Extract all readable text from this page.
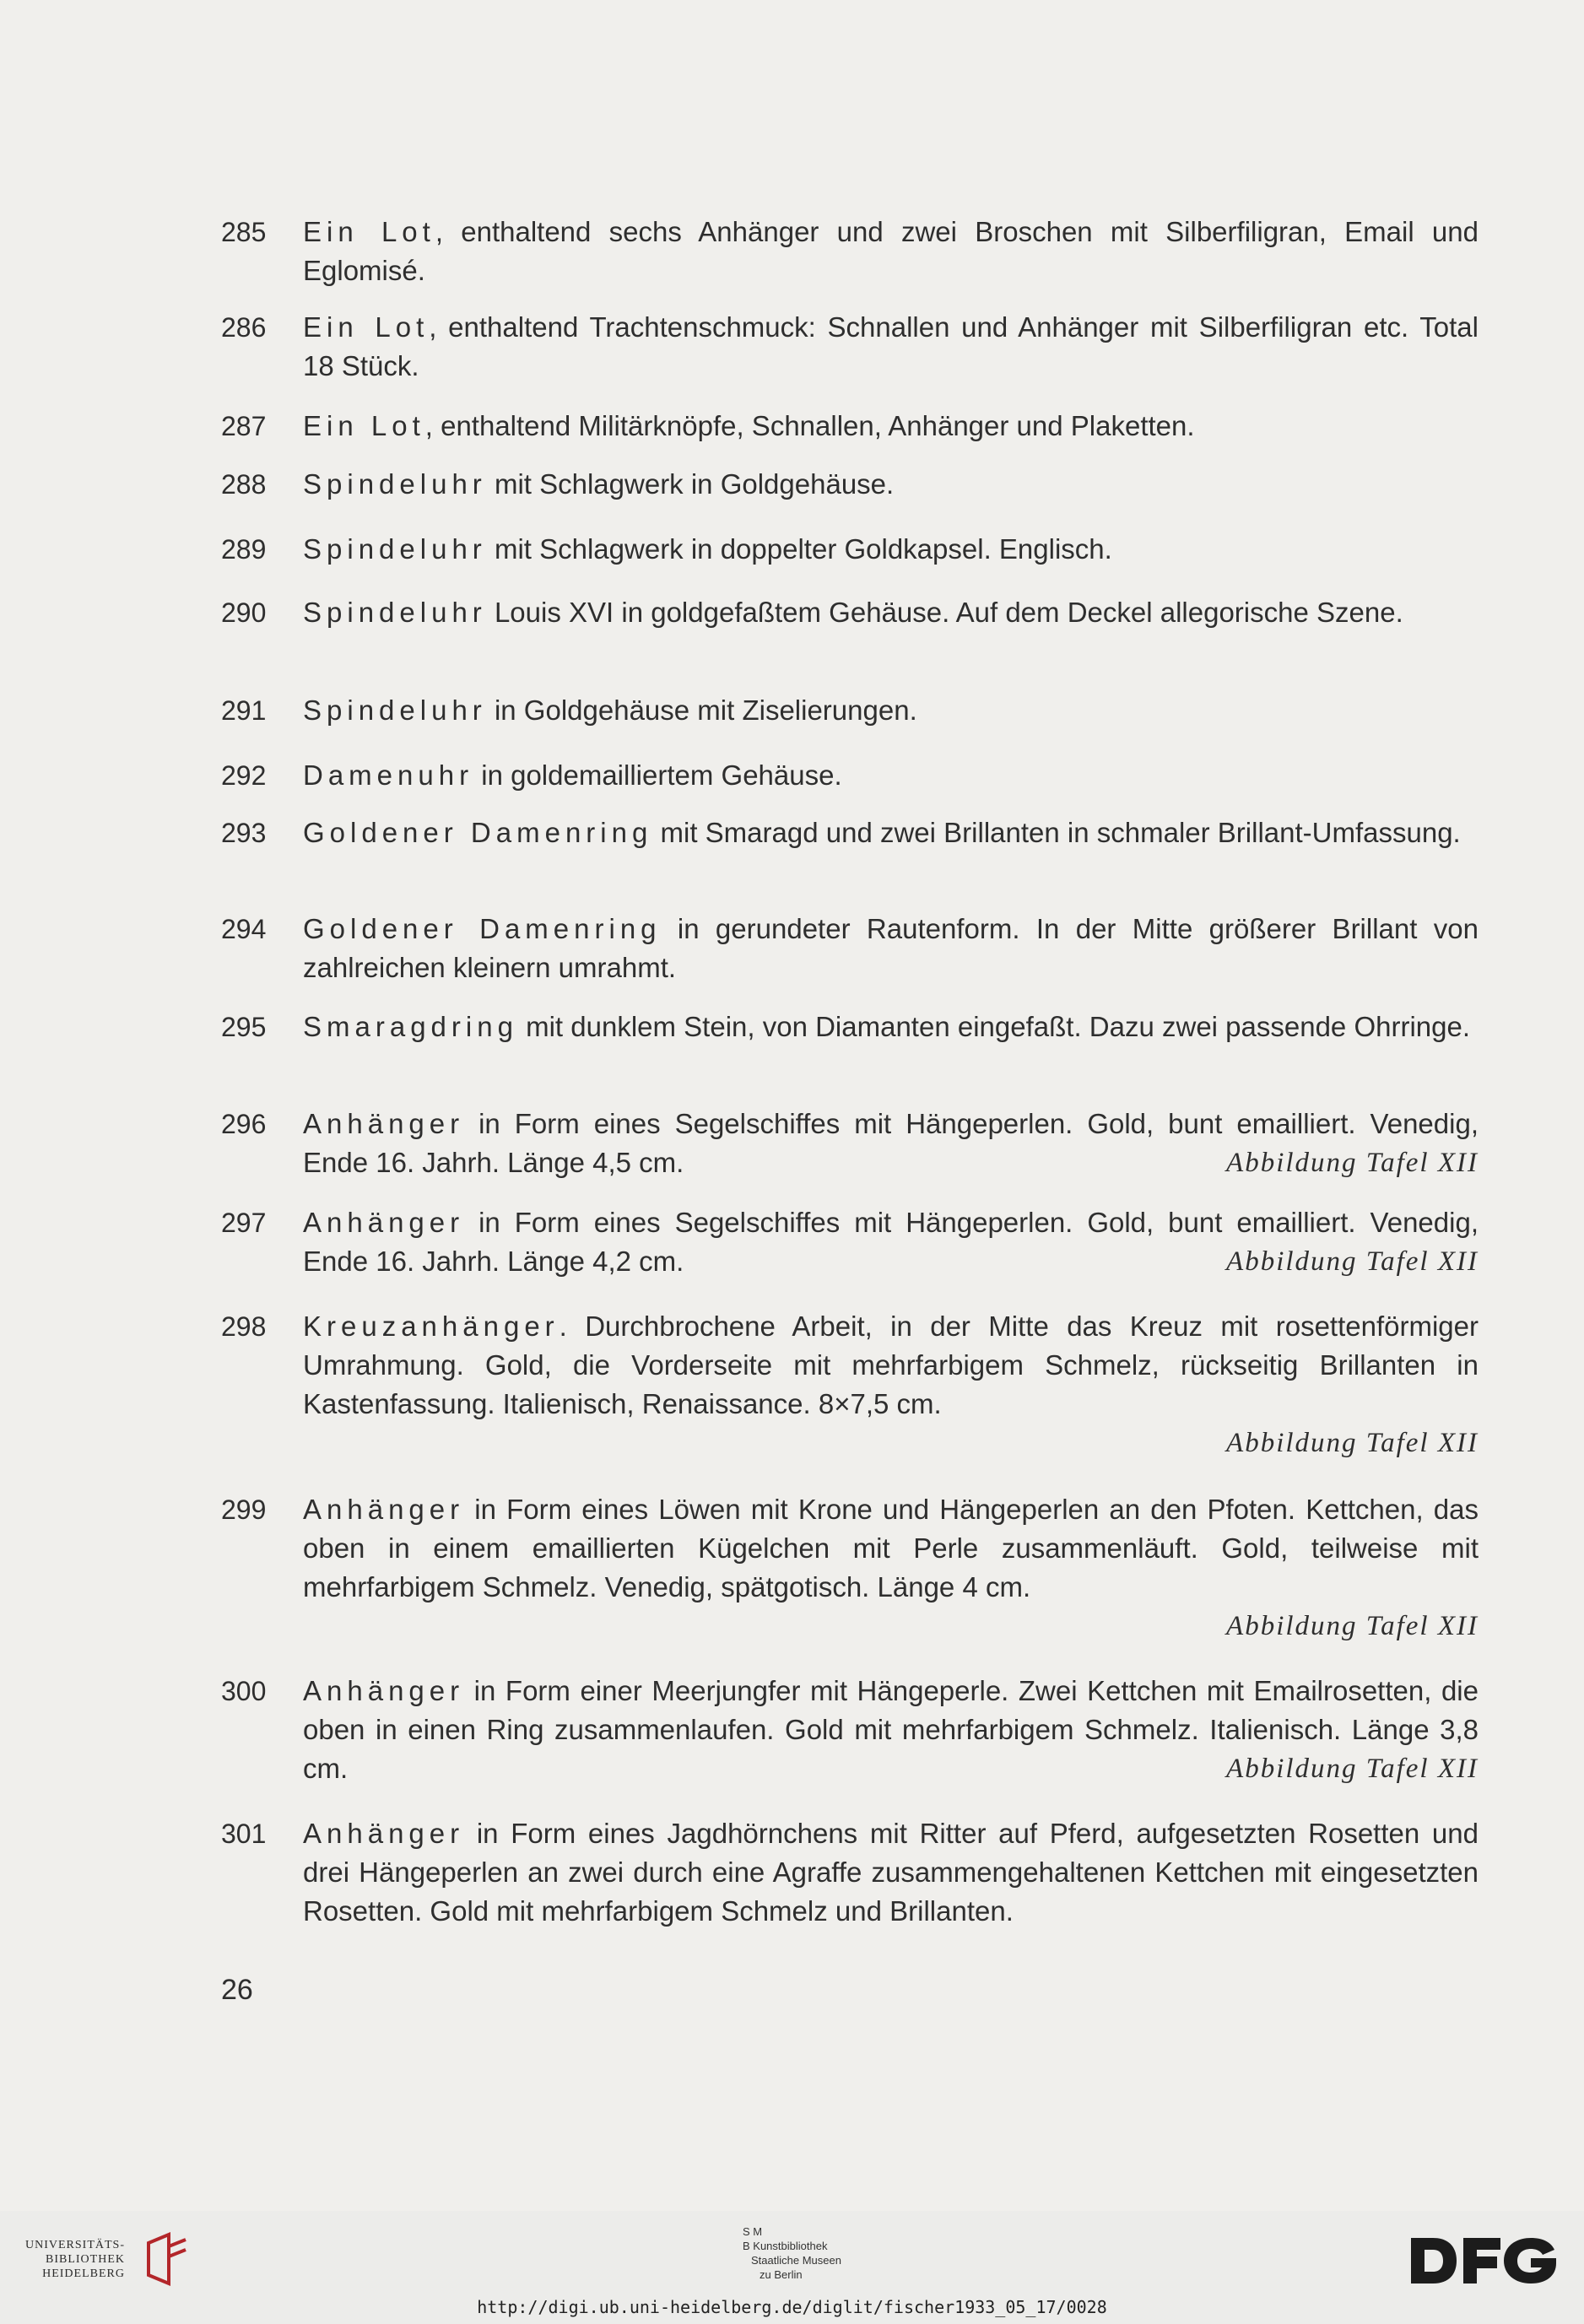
285 Ein Lot, enthaltend sechs Anhänger und zwei Broschen mit Silberfiligran, Email und Eglomisé.
286 Ein Lot, enthaltend Trachtenschmuck: Schnallen und Anhänger mit Silberfiligran etc. Total 18 Stück.
287 Ein Lot, enthaltend Militärknöpfe, Schnallen, Anhänger und Plaketten.
288 Spindeluhr mit Schlagwerk in Goldgehäuse.
289 Spindeluhr mit Schlagwerk in doppelter Goldkapsel. Englisch.
290 Spindeluhr Louis XVI in goldgefaßtem Gehäuse. Auf dem Deckel allegorische Szene.
291 Spindeluhr in Goldgehäuse mit Ziselierungen.
292 Damenuhr in goldemailliertem Gehäuse.
293 Goldener Damenring mit Smaragd und zwei Brillanten in schmaler Brillant-Umfassung.
294 Goldener Damenring in gerundeter Rautenform. In der Mitte größerer Brillant von zahlreichen kleinern umrahmt.
295 Smaragdring mit dunklem Stein, von Diamanten eingefaßt. Dazu zwei passende Ohrringe.
296 Anhänger in Form eines Segelschiffes mit Hängeperlen. Gold, bunt emailliert. Venedig, Ende 16. Jahrh. Länge 4,5 cm.	Abbildung Tafel XII
297 Anhänger in Form eines Segelschiffes mit Hängeperlen. Gold, bunt emailliert. Venedig, Ende 16. Jahrh. Länge 4,2 cm.	Abbildung Tafel XII
298 Kreuzanhänger. Durchbrochene Arbeit, in der Mitte das Kreuz mit rosettenförmiger Umrahmung. Gold, die Vorderseite mit mehrfarbigem Schmelz, rückseitig Brillanten in Kastenfassung. Italienisch, Renaissance. 8×7,5 cm.
Abbildung Tafel XII
299 Anhänger in Form eines Löwen mit Krone und Hängeperlen an den Pfoten. Kettchen, das oben in einem emaillierten Kügelchen mit Perle zusammenläuft. Gold, teilweise mit mehrfarbigem Schmelz. Venedig, spätgotisch. Länge 4 cm.
Abbildung Tafel XII
300 Anhänger in Form einer Meerjungfer mit Hängeperle. Zwei Kettchen mit Emailrosetten, die oben in einen Ring zusammenlaufen. Gold mit mehrfarbigem Schmelz. Italienisch. Länge 3,8 cm.	Abbildung Tafel XII
301 Anhänger in Form eines Jagdhörnchens mit Ritter auf Pferd, aufgesetzten Rosetten und drei Hängeperlen an zwei durch eine Agraffe zusammengehaltenen Kettchen mit eingesetzten Rosetten. Gold mit mehrfarbigem Schmelz und Brillanten.
26
UNIVERSITÄTS-
BIBLIOTHEK
HEIDELBERG
S M
B Kunstbibliothek
Staatliche Museen
zu Berlin
http://digi.ub.uni-heidelberg.de/diglit/fischer1933_05_17/0028
